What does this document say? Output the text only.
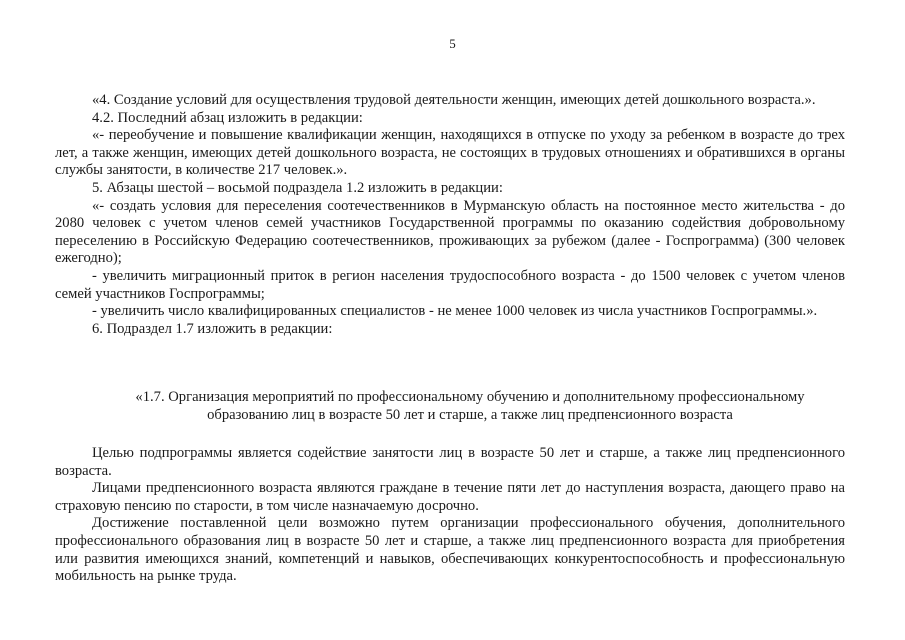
5

«4. Создание условий для осуществления трудовой деятельности женщин, имеющих детей дошкольного возраста.».

4.2. Последний абзац изложить в редакции:

«- переобучение и повышение квалификации женщин, находящихся в отпуске по уходу за ребенком в возрасте до трех лет, а также женщин, имеющих детей дошкольного возраста, не состоящих в трудовых отношениях и обратившихся в органы службы занятости, в количестве 217 человек.».

5. Абзацы шестой – восьмой подраздела 1.2 изложить в редакции:

«- создать условия для переселения соотечественников в Мурманскую область на постоянное место жительства - до 2080 человек с учетом членов семей участников Государственной программы по оказанию содействия добровольному переселению в Российскую Федерацию соотечественников, проживающих за рубежом (далее - Госпрограмма) (300 человек ежегодно);

- увеличить миграционный приток в регион населения трудоспособного возраста - до 1500 человек с учетом членов семей участников Госпрограммы;

- увеличить число квалифицированных специалистов - не менее 1000 человек из числа участников Госпрограммы.».

6. Подраздел 1.7 изложить в редакции:

«1.7. Организация мероприятий по профессиональному обучению и дополнительному профессиональному

образованию лиц в возрасте 50 лет и старше, а также лиц предпенсионного возраста

Целью подпрограммы является содействие занятости лиц в возрасте 50 лет и старше, а также лиц предпенсионного возраста.

Лицами предпенсионного возраста являются граждане в течение пяти лет до наступления возраста, дающего право на страховую пенсию по старости, в том числе назначаемую досрочно.

Достижение поставленной цели возможно путем организации профессионального обучения, дополнительного профессионального образования лиц в возрасте 50 лет и старше, а также лиц предпенсионного возраста для приобретения или развития имеющихся знаний, компетенций и навыков, обеспечивающих конкурентоспособность и профессиональную мобильность на рынке труда.
